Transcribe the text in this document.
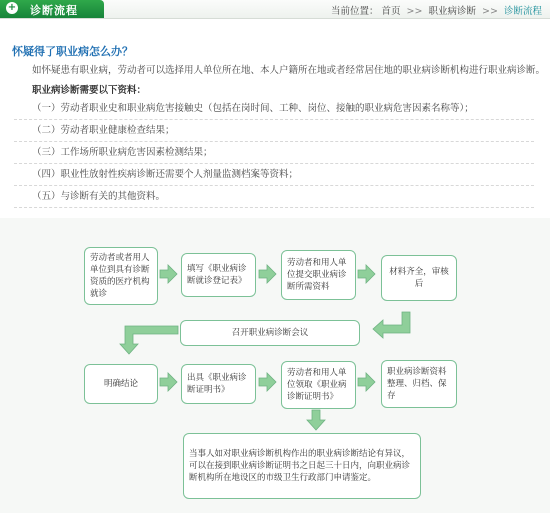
+ 诊断流程	当前位置： 首页 >> 职业病诊断 >> 诊断流程
怀疑得了职业病怎么办？
如怀疑患有职业病，劳动者可以选择用人单位所在地、本人户籍所在地或者经常居住地的职业病诊断机构进行职业病诊断。
职业病诊断需要以下资料：
（一）劳动者职业史和职业病危害接触史（包括在岗时间、工种、岗位、接触的职业病危害因素名称等）；
（二）劳动者职业健康检查结果；
（三）工作场所职业病危害因素检测结果；
（四）职业性放射性疾病诊断还需要个人剂量监测档案等资料；
（五）与诊断有关的其他资料。
劳动者或者用人单位到具有诊断资质的医疗机构就诊
填写《职业病诊断就诊登记表》
劳动者和用人单位提交职业病诊断所需资料
材料齐全，审核后
召开职业病诊断会议
明确结论
出具《职业病诊断证明书》
劳动者和用人单位领取《职业病诊断证明书》
职业病诊断资料整理、归档、保存
当事人如对职业病诊断机构作出的职业病诊断结论有异议，可以在接到职业病诊断证明书之日起三十日内，向职业病诊断机构所在地设区的市级卫生行政部门申请鉴定。
